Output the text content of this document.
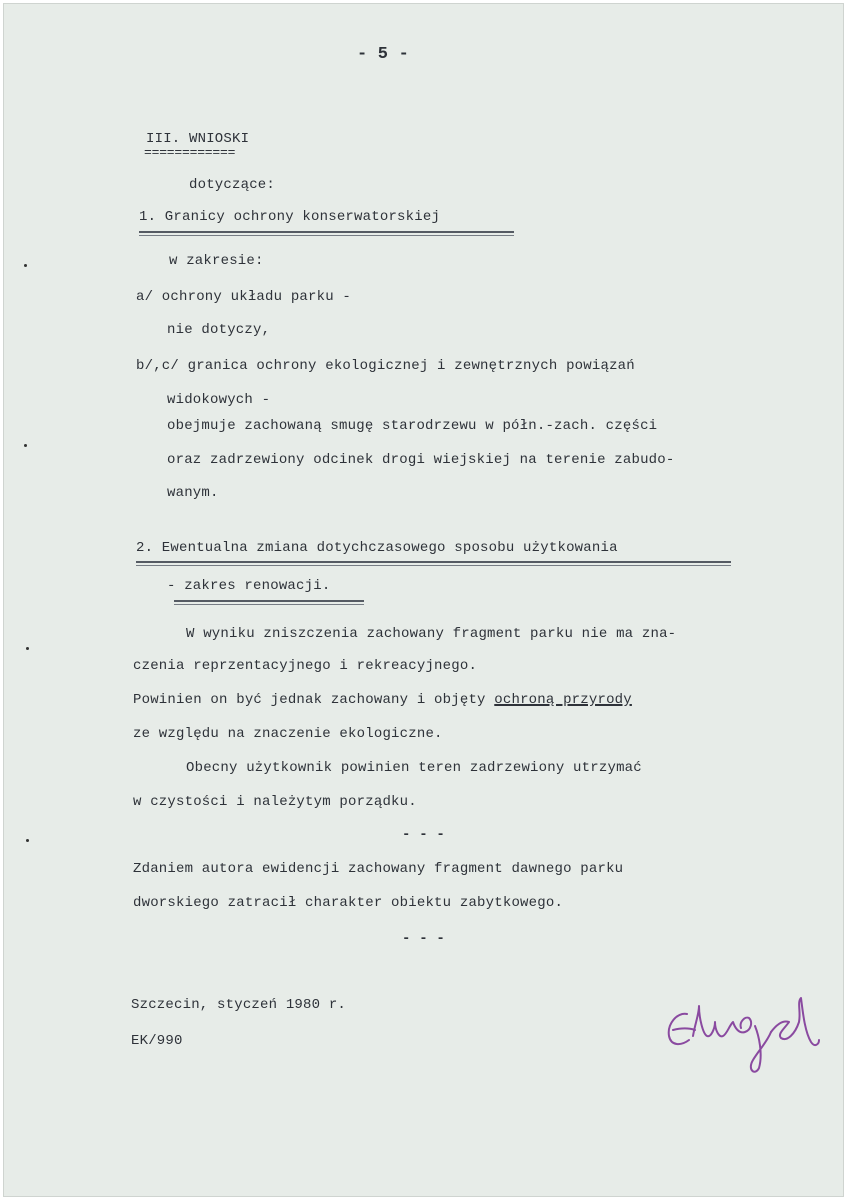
- 5 -
III. WNIOSKI
============
dotyczące:
1. Granicy ochrony konserwatorskiej
w zakresie:
a/ ochrony układu parku -
nie dotyczy,
b/,c/ granica ochrony ekologicznej i zewnętrznych powiązań
widokowych -
obejmuje zachowaną smugę starodrzewu w półn.-zach. części
oraz zadrzewiony odcinek drogi wiejskiej na terenie zabudo-
wanym.
2. Ewentualna zmiana dotychczasowego sposobu użytkowania
- zakres renowacji.
W wyniku zniszczenia zachowany fragment parku nie ma zna-
czenia reprzentacyjnego i rekreacyjnego.
Powinien on być jednak zachowany i objęty ochroną przyrody
ze względu na znaczenie ekologiczne.
Obecny użytkownik powinien teren zadrzewiony utrzymać
w czystości i należytym porządku.
- - -
Zdaniem autora ewidencji zachowany fragment dawnego parku
dworskiego zatracił charakter obiektu zabytkowego.
- - -
Szczecin, styczeń 1980 r.
EK/990
